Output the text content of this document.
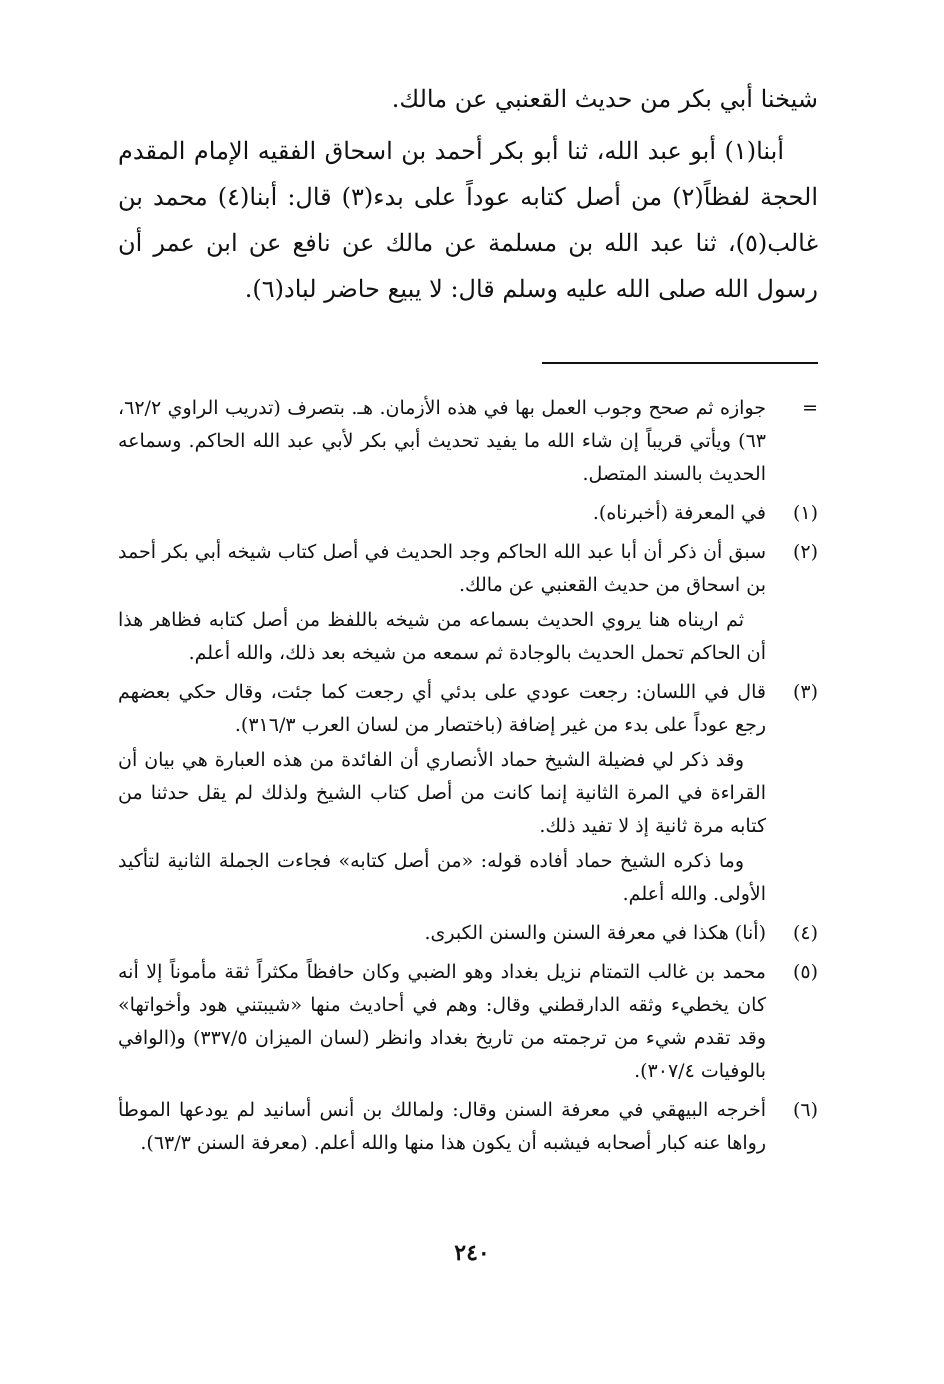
شيخنا أبي بكر من حديث القعنبي عن مالك.

أبنا(١) أبو عبد الله، ثنا أبو بكر أحمد بن اسحاق الفقيه الإمام المقدم الحجة لفظاً(٢) من أصل كتابه عوداً على بدء(٣) قال: أبنا(٤) محمد بن غالب(٥)، ثنا عبد الله بن مسلمة عن مالك عن نافع عن ابن عمر أن رسول الله صلى الله عليه وسلم قال: لا يبيع حاضر لباد(٦).

=

جوازه ثم صحح وجوب العمل بها في هذه الأزمان. هـ. بتصرف (تدريب الراوي ٦٢/٢، ٦٣) ويأتي قريباً إن شاء الله ما يفيد تحديث أبي بكر لأبي عبد الله الحاكم. وسماعه الحديث بالسند المتصل.

(١)

في المعرفة (أخبرناه).

(٢)

سبق أن ذكر أن أبا عبد الله الحاكم وجد الحديث في أصل كتاب شيخه أبي بكر أحمد بن اسحاق من حديث القعنبي عن مالك.

ثم اريناه هنا يروي الحديث بسماعه من شيخه باللفظ من أصل كتابه فظاهر هذا أن الحاكم تحمل الحديث بالوجادة ثم سمعه من شيخه بعد ذلك، والله أعلم.

(٣)

قال في اللسان: رجعت عودي على بدئي أي رجعت كما جئت، وقال حكي بعضهم رجع عوداً على بدء من غير إضافة (باختصار من لسان العرب ٣١٦/٣).

وقد ذكر لي فضيلة الشيخ حماد الأنصاري أن الفائدة من هذه العبارة هي بيان أن القراءة في المرة الثانية إنما كانت من أصل كتاب الشيخ ولذلك لم يقل حدثنا من كتابه مرة ثانية إذ لا تفيد ذلك.

وما ذكره الشيخ حماد أفاده قوله: «من أصل كتابه» فجاءت الجملة الثانية لتأكيد الأولى. والله أعلم.

(٤)

(أنا) هكذا في معرفة السنن والسنن الكبرى.

(٥)

محمد بن غالب التمتام نزيل بغداد وهو الضبي وكان حافظاً مكثراً ثقة مأموناً إلا أنه كان يخطيء وثقه الدارقطني وقال: وهم في أحاديث منها «شيبتني هود وأخواتها» وقد تقدم شيء من ترجمته من تاريخ بغداد وانظر (لسان الميزان ٣٣٧/٥) و(الوافي بالوفيات ٣٠٧/٤).

(٦)

أخرجه البيهقي في معرفة السنن وقال: ولمالك بن أنس أسانيد لم يودعها الموطأ رواها عنه كبار أصحابه فيشبه أن يكون هذا منها والله أعلم. (معرفة السنن ٦٣/٣).

٢٤٠
